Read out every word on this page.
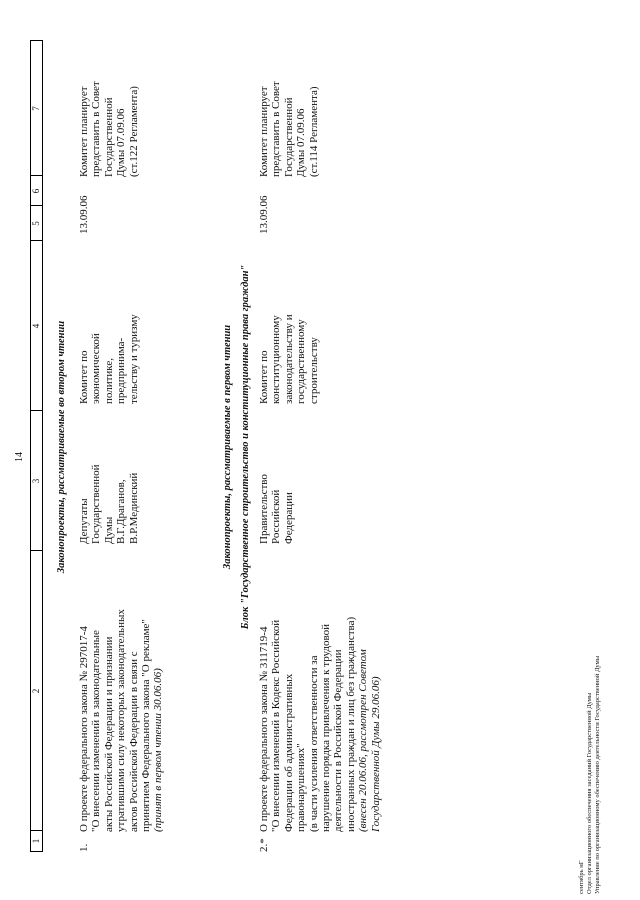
14
1
2
3
4
5
6
7
Законопроекты, рассматриваемые во втором чтении
1.
О проекте федерального закона № 297017-4 "О внесении изменений в законодательные акты Российской Федерации и признании утратившими силу некоторых законодательных актов Российской Федерации в связи с принятием Федерального закона "О рекламе" (принят в первом чтении 30.06.06)
Депутаты Государственной Думы В.Г.Драганов, В.Р.Мединский
Комитет по экономической политике, предпринима- тельству и туризму
13.09.06
Комитет планирует представить в Совет Государственной Думы 07.09.06 (ст.122 Регламента)
Законопроекты, рассматриваемые в первом чтении Блок "Государственное строительство и конституционные права граждан"
2.*
О проекте федерального закона № 311719-4 "О внесении изменений в Кодекс Российской Федерации об административных правонарушениях" (в части усиления ответственности за нарушение порядка привлечения к трудовой деятельности в Российской Федерации иностранных граждан и лиц без гражданства) (внесен 20.06.06, рассмотрен Советом Государственной Думы 29.06.06)
Правительство Российской Федерации
Комитет по конституционному законодательству и государственному строительству
13.09.06
Комитет планирует представить в Совет Государственной Думы 07.09.06 (ст.114 Регламента)
сентябрь нГ Отдел организационного обеспечения заседаний Государственной Думы Управление по организационному обеспечению деятельности Государственной Думы
